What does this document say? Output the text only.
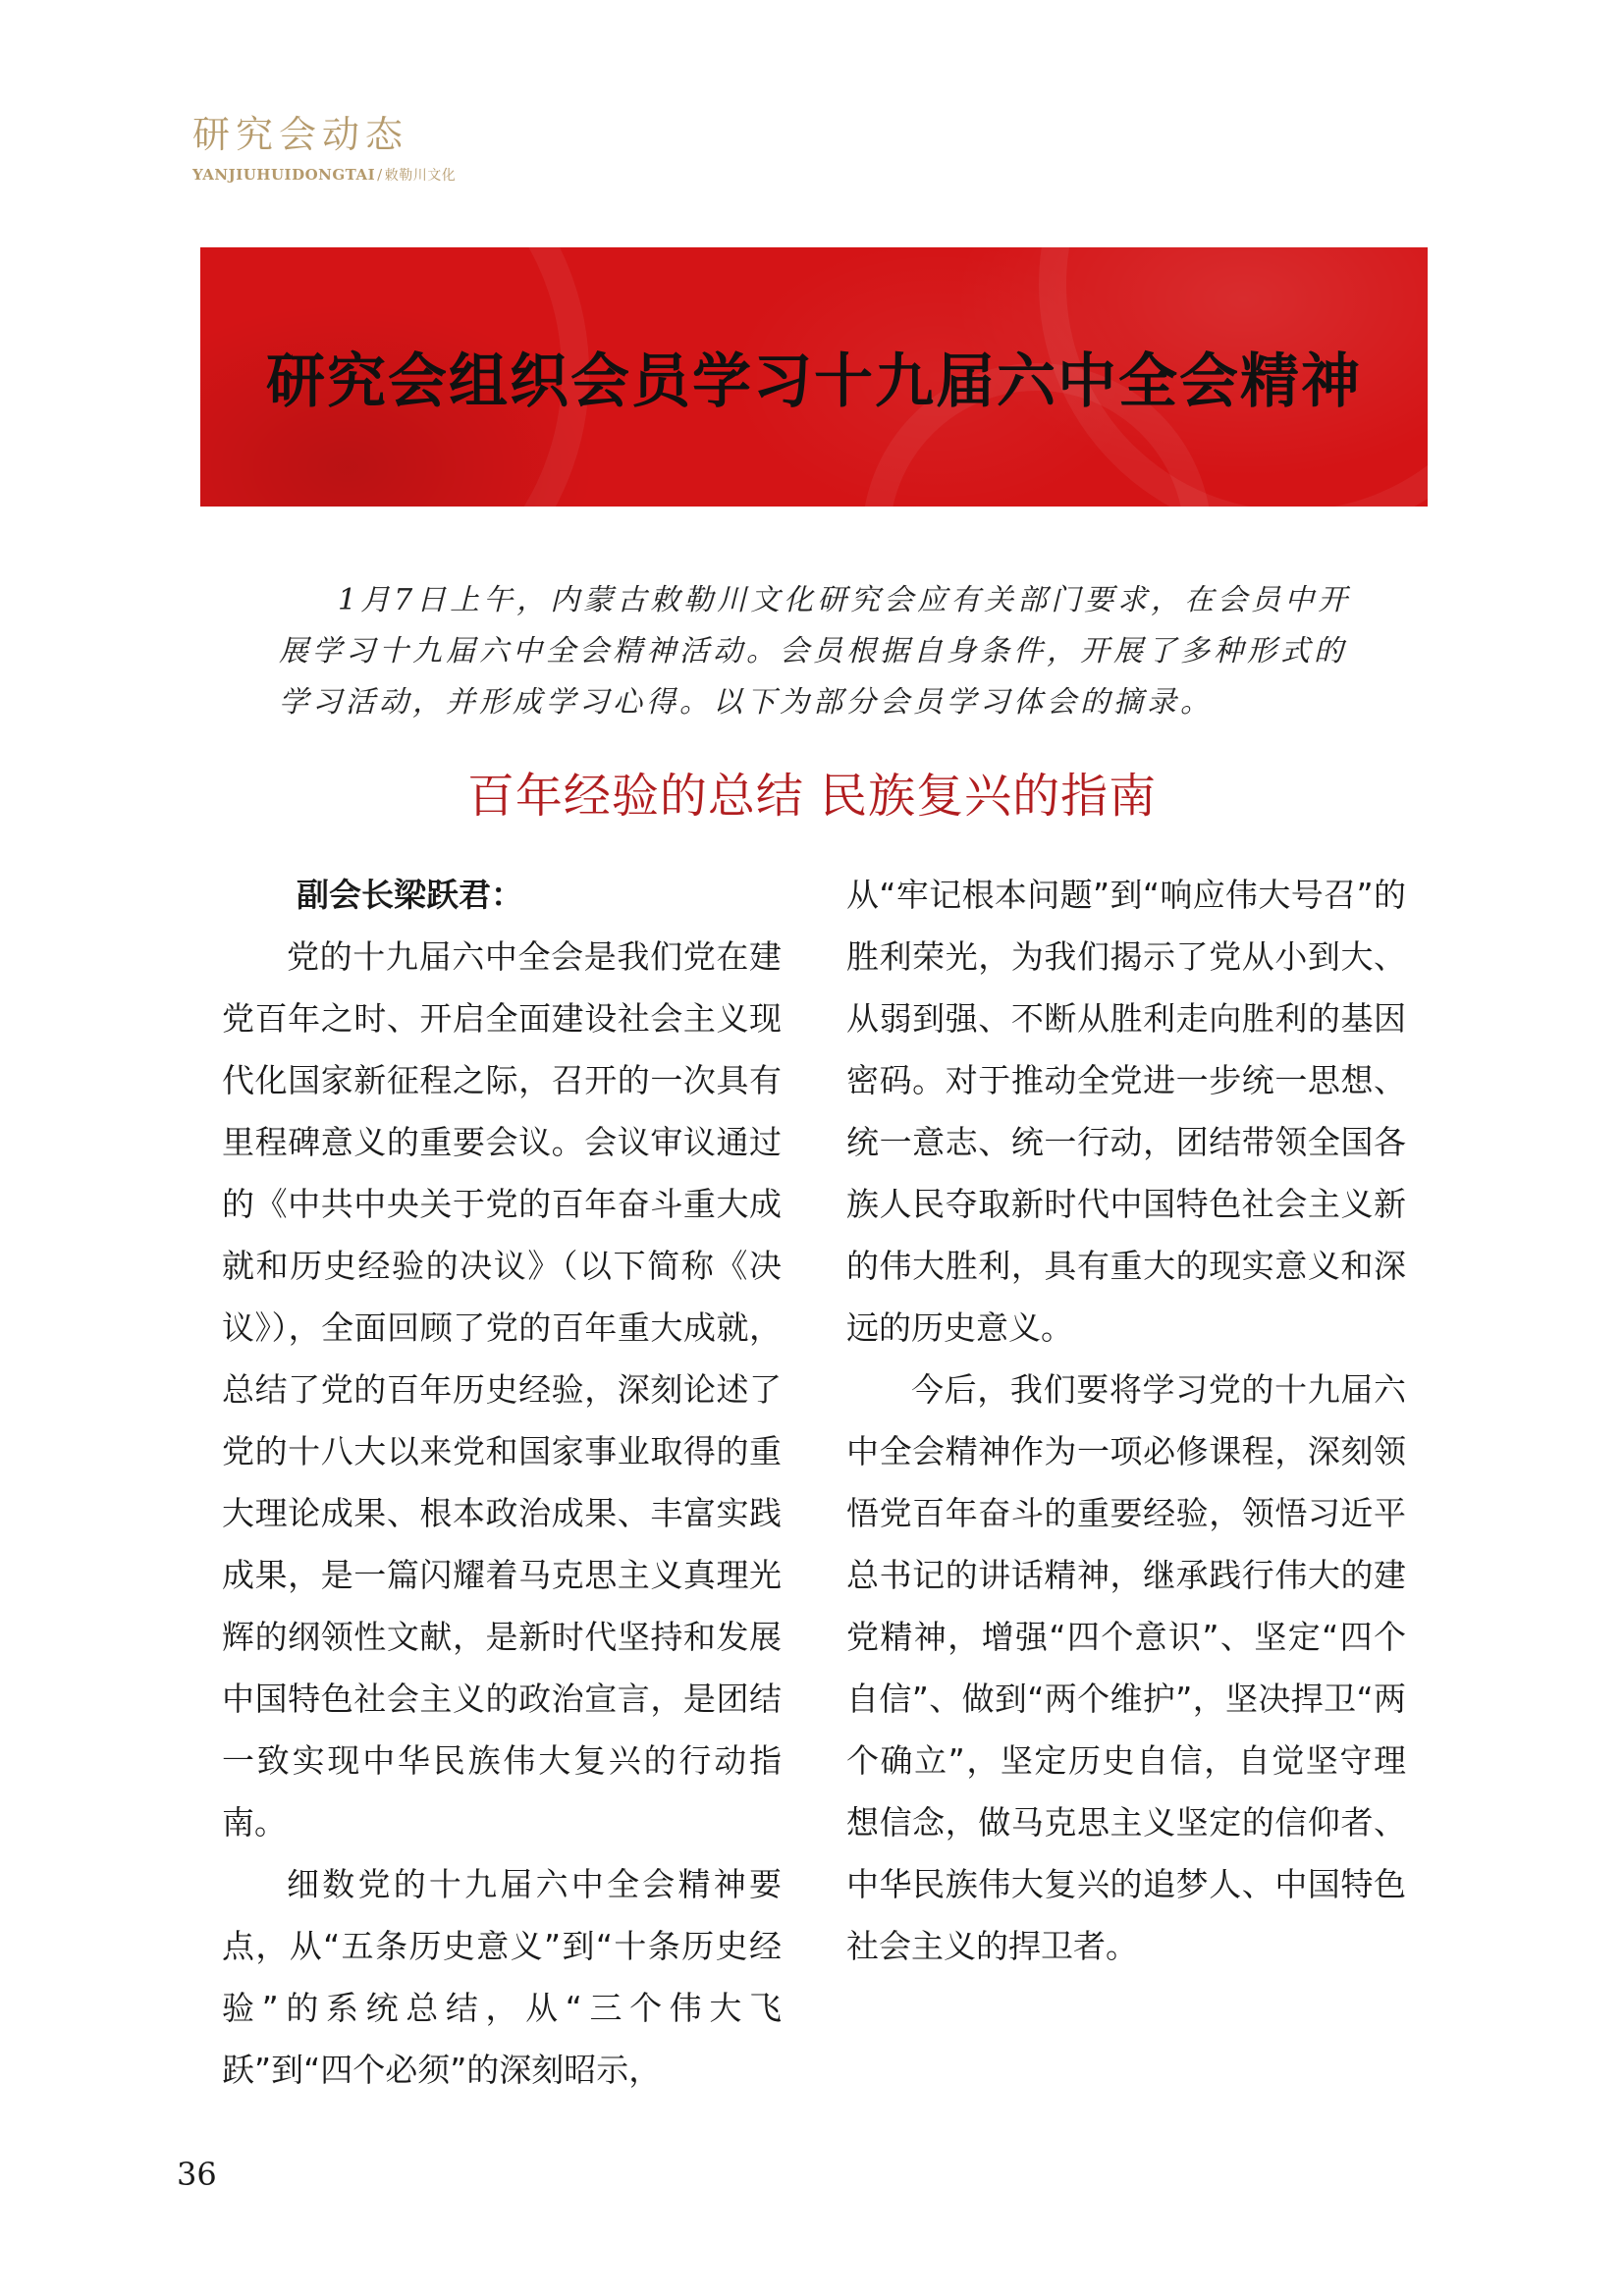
研究会动态
YANJIUHUIDONGTAI / 敕勒川文化
研究会组织会员学习十九届六中全会精神

1月7日上午，内蒙古敕勒川文化研究会应有关部门要求，在会员中开展学习十九届六中全会精神活动。会员根据自身条件，开展了多种形式的学习活动，并形成学习心得。以下为部分会员学习体会的摘录。

百年经验的总结 民族复兴的指南

副会长梁跃君：

党的十九届六中全会是我们党在建党百年之时、开启全面建设社会主义现代化国家新征程之际，召开的一次具有里程碑意义的重要会议。会议审议通过的《中共中央关于党的百年奋斗重大成就和历史经验的决议》（以下简称《决议》），全面回顾了党的百年重大成就，总结了党的百年历史经验，深刻论述了党的十八大以来党和国家事业取得的重大理论成果、根本政治成果、丰富实践成果，是一篇闪耀着马克思主义真理光辉的纲领性文献，是新时代坚持和发展中国特色社会主义的政治宣言，是团结一致实现中华民族伟大复兴的行动指南。

细数党的十九届六中全会精神要点，从“五条历史意义”到“十条历史经验”的系统总结，从“三个伟大飞跃”到“四个必须”的深刻昭示，

从“牢记根本问题”到“响应伟大号召”的胜利荣光，为我们揭示了党从小到大、从弱到强、不断从胜利走向胜利的基因密码。对于推动全党进一步统一思想、统一意志、统一行动，团结带领全国各族人民夺取新时代中国特色社会主义新的伟大胜利，具有重大的现实意义和深远的历史意义。

今后，我们要将学习党的十九届六中全会精神作为一项必修课程，深刻领悟党百年奋斗的重要经验，领悟习近平总书记的讲话精神，继承践行伟大的建党精神，增强“四个意识”、坚定“四个自信”、做到“两个维护”，坚决捍卫“两个确立”，坚定历史自信，自觉坚守理想信念，做马克思主义坚定的信仰者、中华民族伟大复兴的追梦人、中国特色社会主义的捍卫者。

36
